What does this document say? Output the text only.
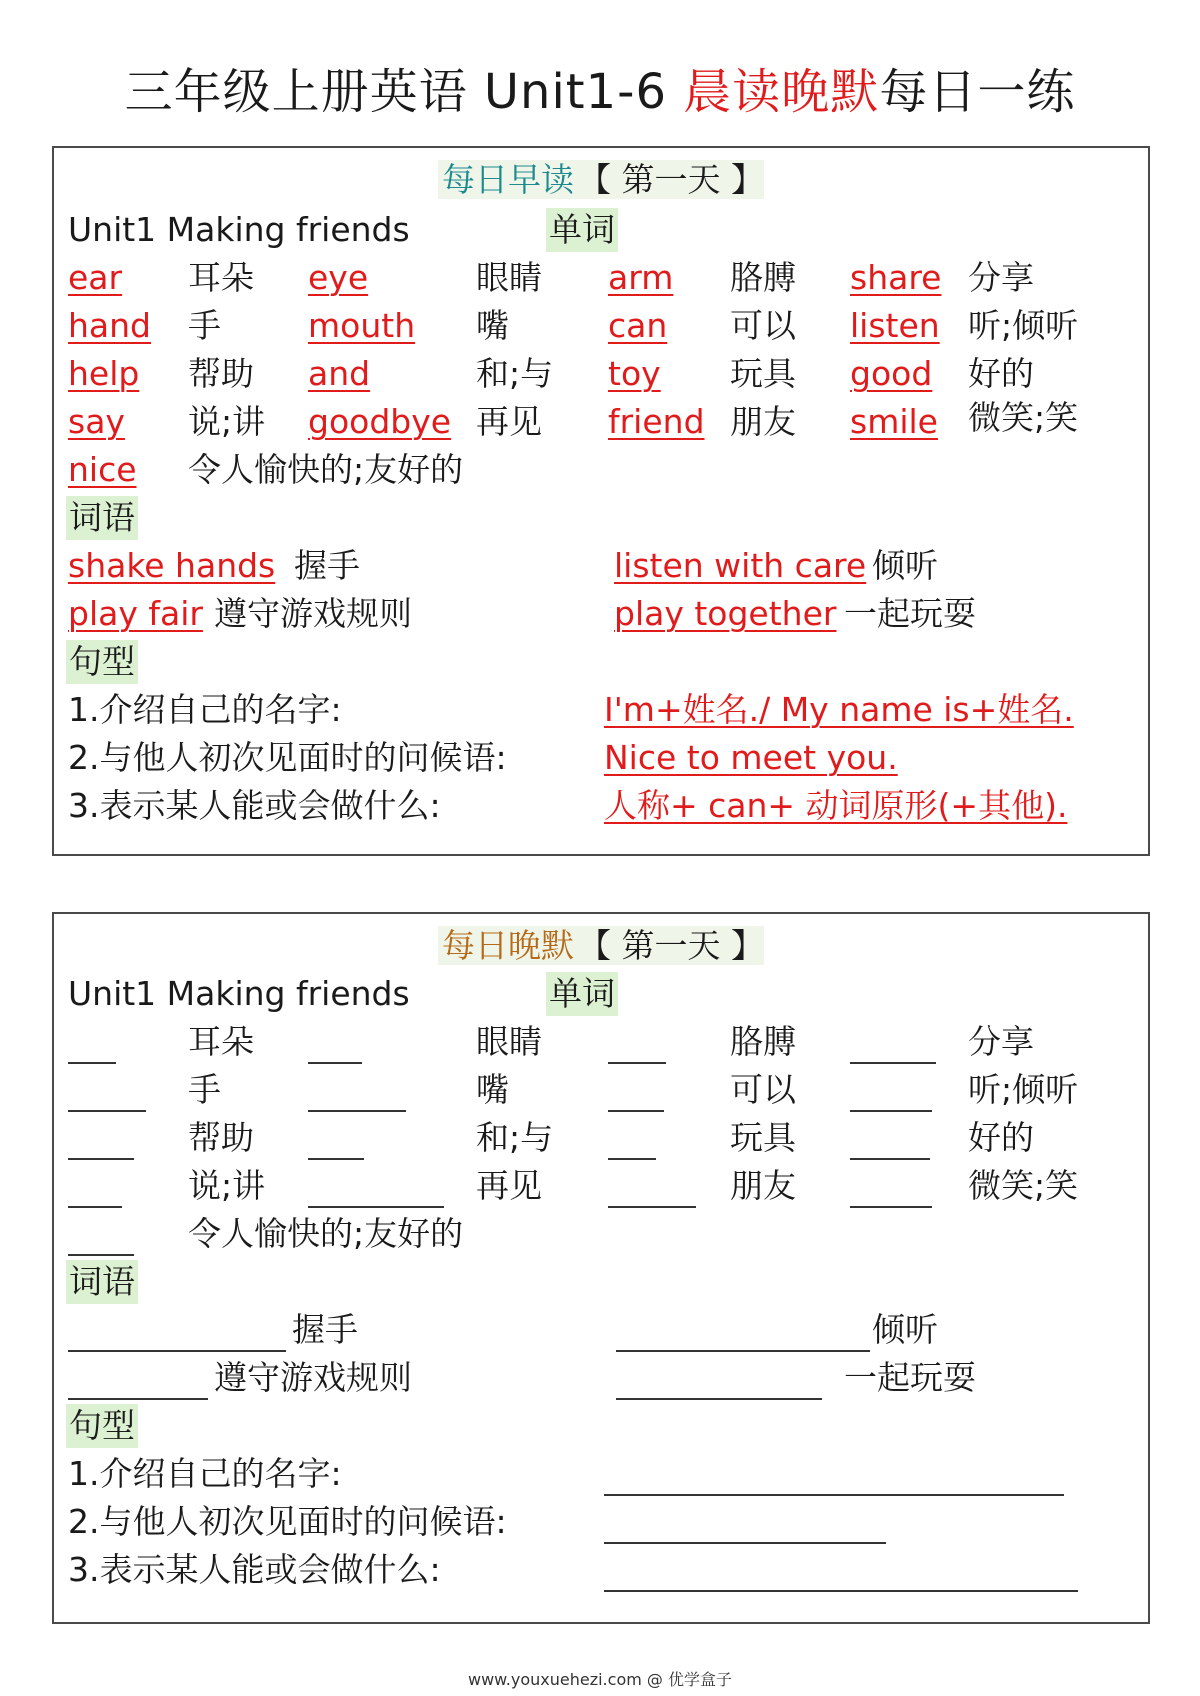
三年级上册英语 Unit1-6 晨读晚默每日一练
每日早读 【 第一天 】
Unit1 Making friends	单词
ear 耳朵 eye	眼睛 arm 胳膊 share 分享
hand 手	mouth 嘴	can 可以 listen 听;倾听
help 帮助 and	和;与 toy 玩具 good 好的
say 说;讲 goodbye 再见 friend 朋友 smile 微笑;笑
nice 令人愉快的;友好的
词语
shake hands 握手	listen with care 倾听
play fair 遵守游戏规则	play together 一起玩耍
句型
1.介绍自己的名字:	I'm+姓名./ My name is+姓名.
2.与他人初次见面时的问候语:	Nice to meet you.
3.表示某人能或会做什么:	人称+ can+ 动词原形(+其他).
每日晚默 【 第一天 】
Unit1 Making friends	单词
耳朵	眼睛	胳膊	分享
手	嘴	可以	听;倾听
帮助	和;与	玩具	好的
说;讲	再见	朋友	微笑;笑
令人愉快的;友好的
词语
握手	倾听
遵守游戏规则	一起玩耍
句型
1.介绍自己的名字:
2.与他人初次见面时的问候语:
3.表示某人能或会做什么:
www.youxuehezi.com @ 优学盒子
